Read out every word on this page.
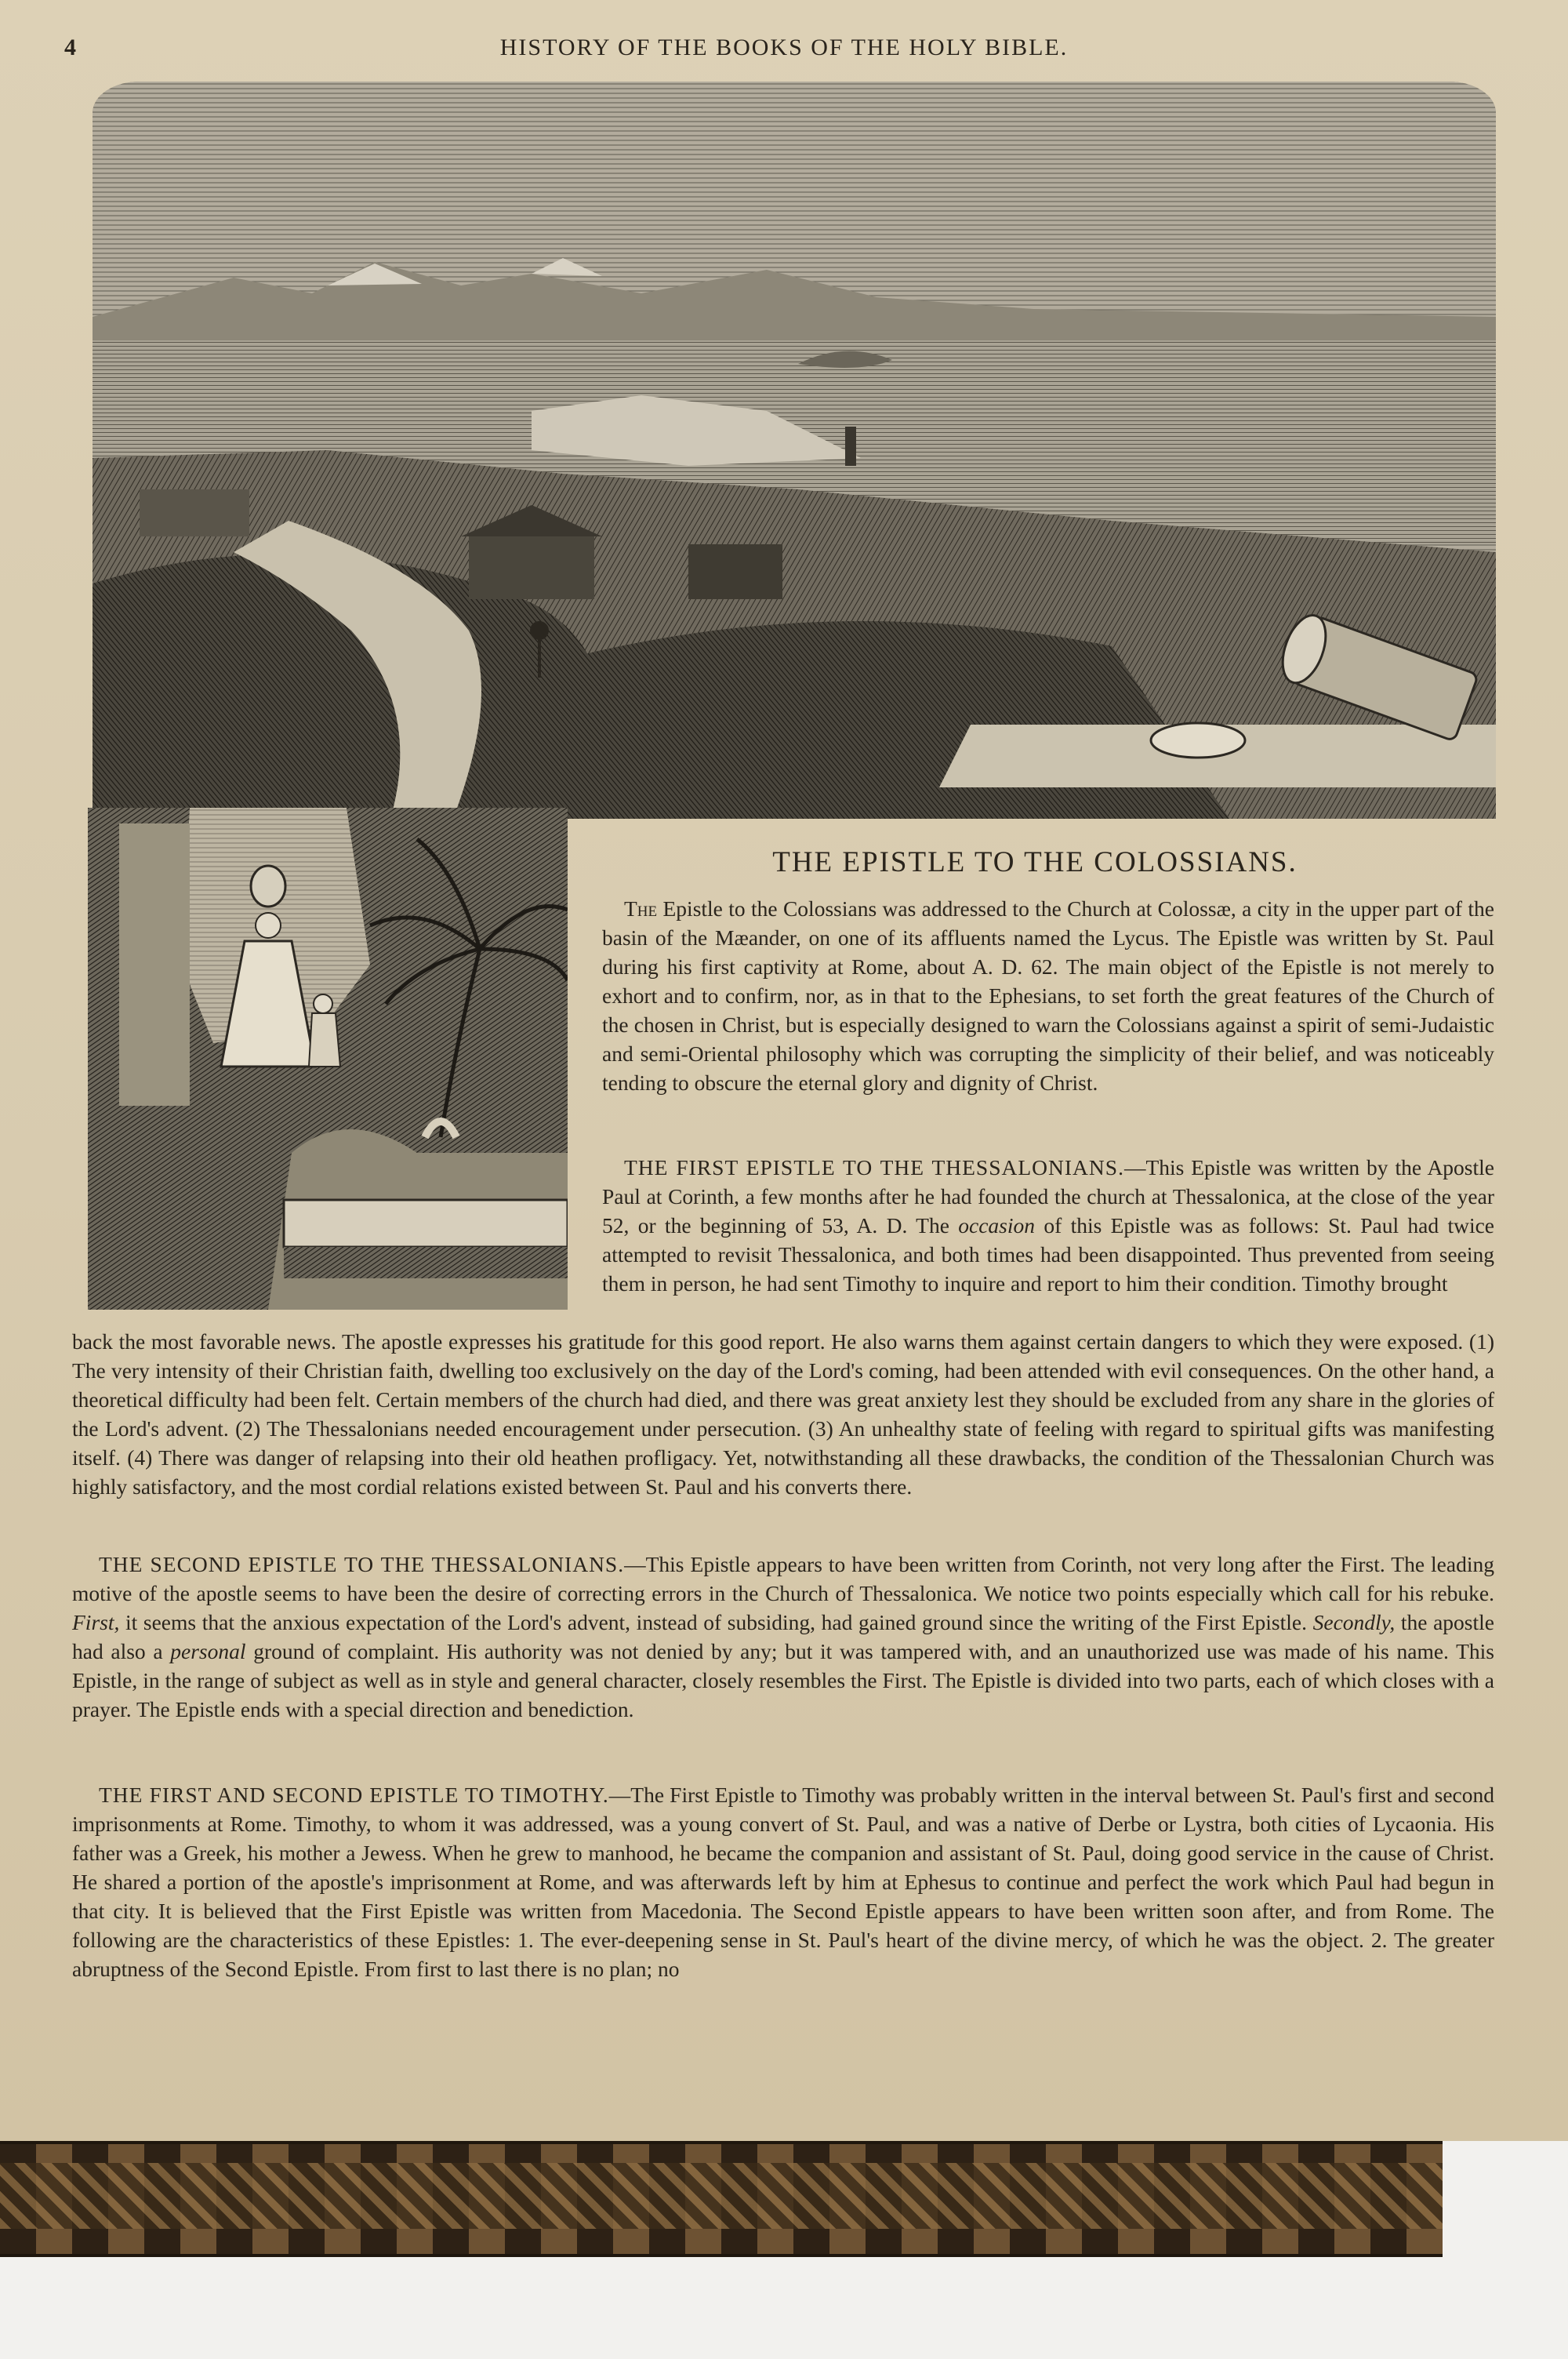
4	HISTORY OF THE BOOKS OF THE HOLY BIBLE.
THE EPISTLE TO THE COLOSSIANS.

The Epistle to the Colossians was addressed to the Church at Colossæ, a city in the upper part of the basin of the Mæander, on one of its affluents named the Lycus. The Epistle was written by St. Paul during his first captivity at Rome, about A. D. 62. The main object of the Epistle is not merely to exhort and to confirm, nor, as in that to the Ephesians, to set forth the great features of the Church of the chosen in Christ, but is especially designed to warn the Colossians against a spirit of semi-Judaistic and semi-Oriental philosophy which was corrupting the simplicity of their belief, and was noticeably tending to obscure the eternal glory and dignity of Christ.

THE FIRST EPISTLE TO THE THESSALONIANS.—This Epistle was written by the Apostle Paul at Corinth, a few months after he had founded the church at Thessalonica, at the close of the year 52, or the beginning of 53, A. D. The occasion of this Epistle was as follows: St. Paul had twice attempted to revisit Thessalonica, and both times had been disappointed. Thus prevented from seeing them in person, he had sent Timothy to inquire and report to him their condition. Timothy brought

back the most favorable news. The apostle expresses his gratitude for this good report. He also warns them against certain dangers to which they were exposed. (1) The very intensity of their Christian faith, dwelling too exclusively on the day of the Lord's coming, had been attended with evil consequences. On the other hand, a theoretical difficulty had been felt. Certain members of the church had died, and there was great anxiety lest they should be excluded from any share in the glories of the Lord's advent. (2) The Thessalonians needed encouragement under persecution. (3) An unhealthy state of feeling with regard to spiritual gifts was manifesting itself. (4) There was danger of relapsing into their old heathen profligacy. Yet, notwithstanding all these drawbacks, the condition of the Thessalonian Church was highly satisfactory, and the most cordial relations existed between St. Paul and his converts there.

THE SECOND EPISTLE TO THE THESSALONIANS.—This Epistle appears to have been written from Corinth, not very long after the First. The leading motive of the apostle seems to have been the desire of correcting errors in the Church of Thessalonica. We notice two points especially which call for his rebuke. First, it seems that the anxious expectation of the Lord's advent, instead of subsiding, had gained ground since the writing of the First Epistle. Secondly, the apostle had also a personal ground of complaint. His authority was not denied by any; but it was tampered with, and an unauthorized use was made of his name. This Epistle, in the range of subject as well as in style and general character, closely resembles the First. The Epistle is divided into two parts, each of which closes with a prayer. The Epistle ends with a special direction and benediction.

THE FIRST AND SECOND EPISTLE TO TIMOTHY.—The First Epistle to Timothy was probably written in the interval between St. Paul's first and second imprisonments at Rome. Timothy, to whom it was addressed, was a young convert of St. Paul, and was a native of Derbe or Lystra, both cities of Lycaonia. His father was a Greek, his mother a Jewess. When he grew to manhood, he became the companion and assistant of St. Paul, doing good service in the cause of Christ. He shared a portion of the apostle's imprisonment at Rome, and was afterwards left by him at Ephesus to continue and perfect the work which Paul had begun in that city. It is believed that the First Epistle was written from Macedonia. The Second Epistle appears to have been written soon after, and from Rome. The following are the characteristics of these Epistles: 1. The ever-deepening sense in St. Paul's heart of the divine mercy, of which he was the object. 2. The greater abruptness of the Second Epistle. From first to last there is no plan; no
